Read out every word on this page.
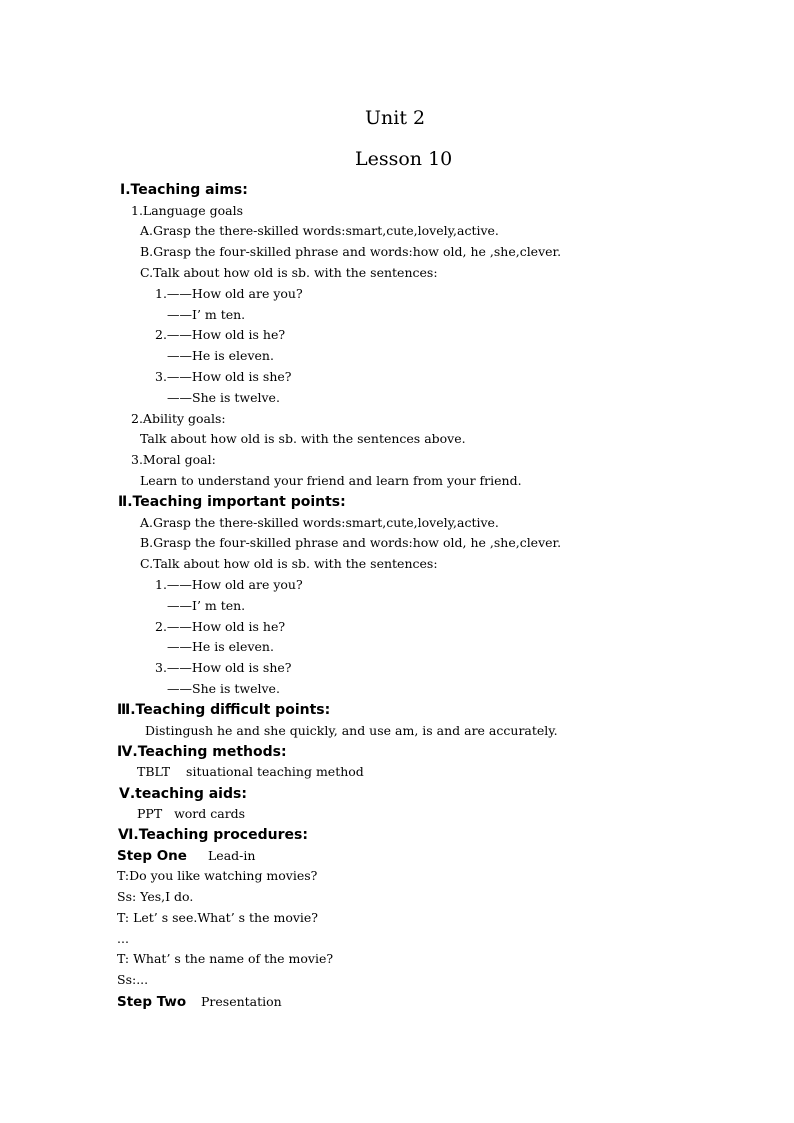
Unit 2

Lesson 10

Ⅰ.Teaching aims:

1.Language goals

A.Grasp the there-skilled words:smart,cute,lovely,active.

B.Grasp the four-skilled phrase and words:how old, he ,she,clever.

C.Talk about how old is sb. with the sentences:

1.——How old are you?

——I’ m ten.

2.——How old is he?

——He is eleven.

3.——How old is she?

——She is twelve.

2.Ability goals:

Talk about how old is sb. with the sentences above.

3.Moral goal:

Learn to understand your friend and learn from your friend.

Ⅱ.Teaching important points:

A.Grasp the there-skilled words:smart,cute,lovely,active.

B.Grasp the four-skilled phrase and words:how old, he ,she,clever.

C.Talk about how old is sb. with the sentences:

1.——How old are you?

——I’ m ten.

2.——How old is he?

——He is eleven.

3.——How old is she?

——She is twelve.

Ⅲ.Teaching difficult points:

Distingush he and she quickly, and use am, is and are accurately.

Ⅳ.Teaching methods:

TBLT    situational teaching method

Ⅴ.teaching aids:

PPT   word cards

Ⅵ.Teaching procedures:

Step One Lead-in

T:Do you like watching movies?

Ss: Yes,I do.

T: Let’ s see.What’ s the movie?

...

T: What’ s the name of the movie?

Ss:...

Step Two Presentation
